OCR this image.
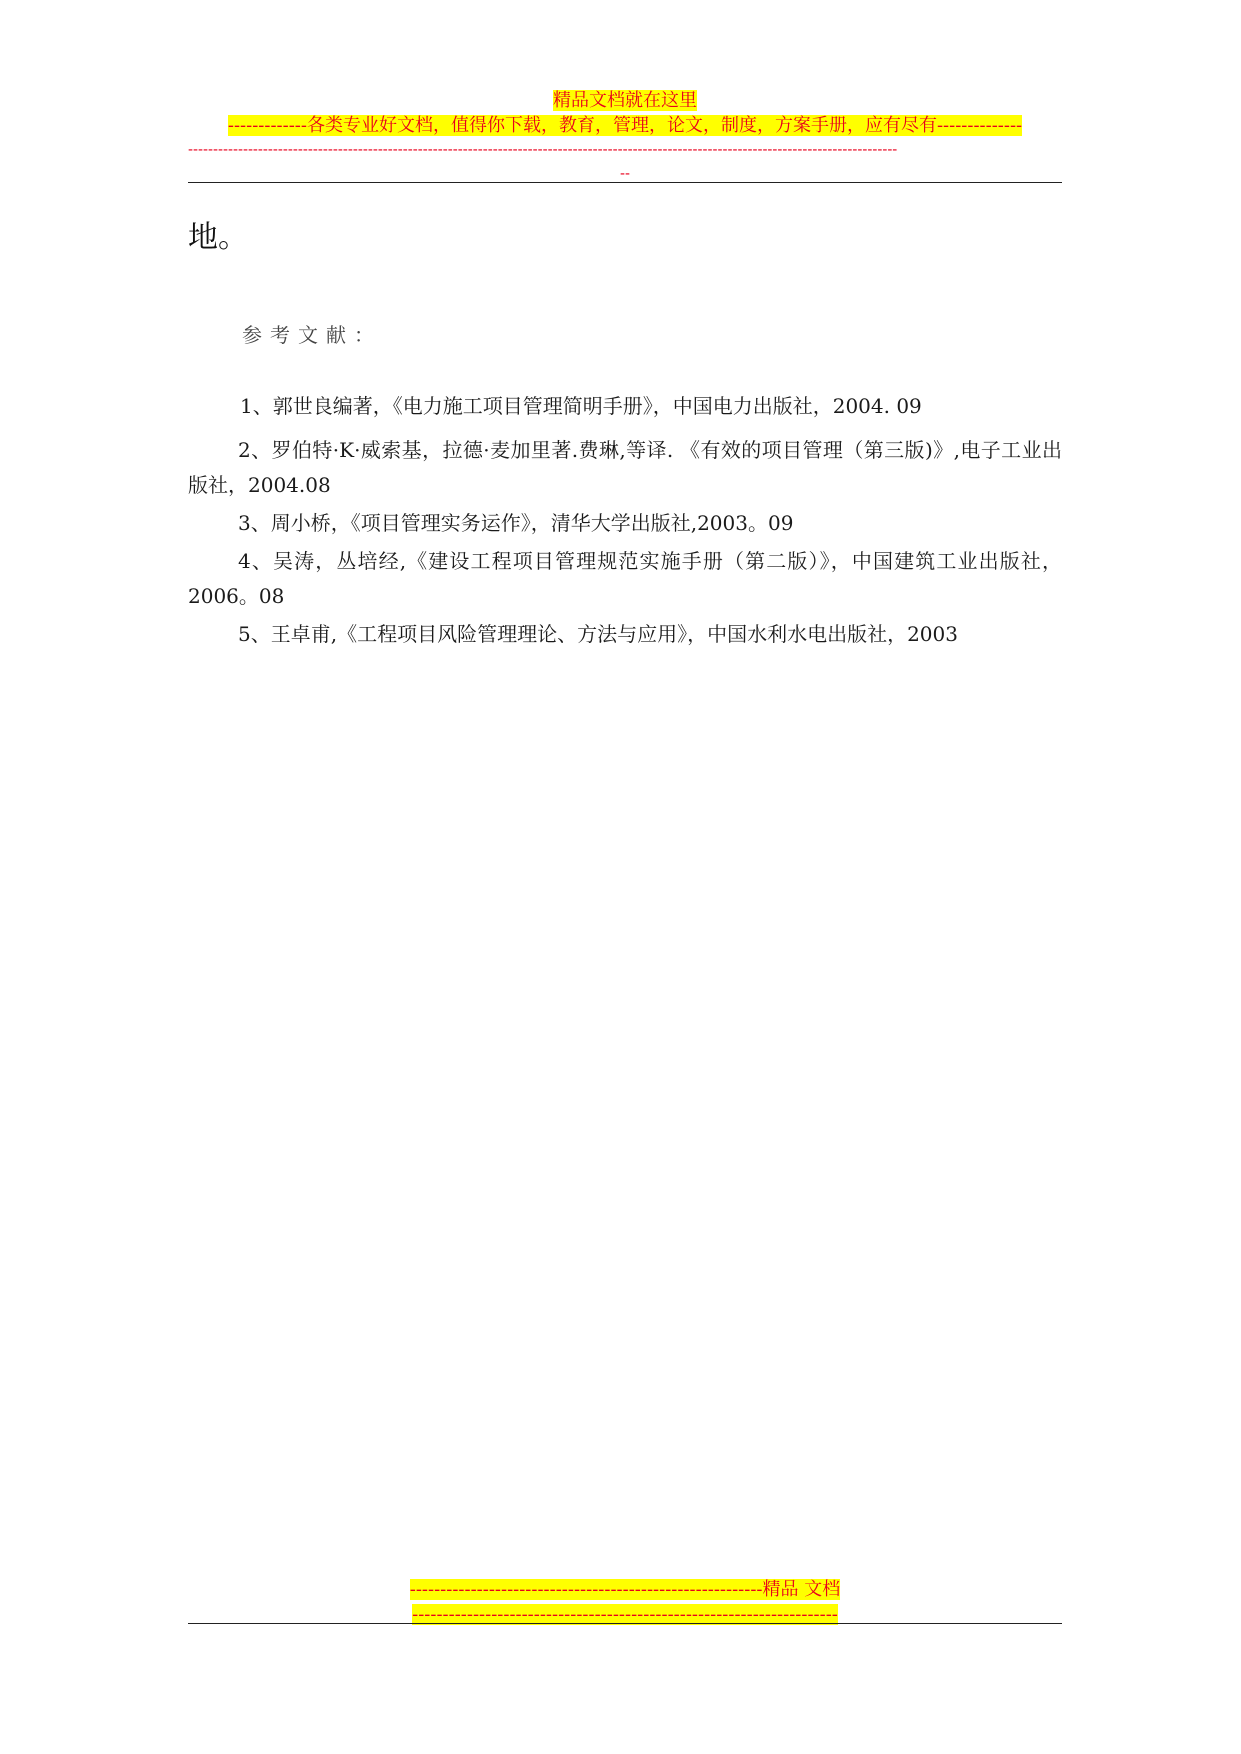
精品文档就在这里
-------------各类专业好文档，值得你下载，教育，管理，论文，制度，方案手册，应有尽有--------------
----------------------------------------------------------------------------------------------------------------------------------------------
--
地。
参考文献：

1、郭世良编著，《电力施工项目管理简明手册》，中国电力出版社，2004. 09

2、罗伯特·K·威索基，拉德·麦加里著.费琳,等译. 《有效的项目管理（第三版)》,电子工业出版社，2004.08

3、周小桥，《项目管理实务运作》，清华大学出版社,2003。09

4、吴涛，丛培经,《建设工程项目管理规范实施手册（第二版）》，中国建筑工业出版社，2006。08

5、王卓甫,《工程项目风险管理理论、方法与应用》，中国水利水电出版社，2003

----------------------------------------------------------精品 文档
----------------------------------------------------------------------
